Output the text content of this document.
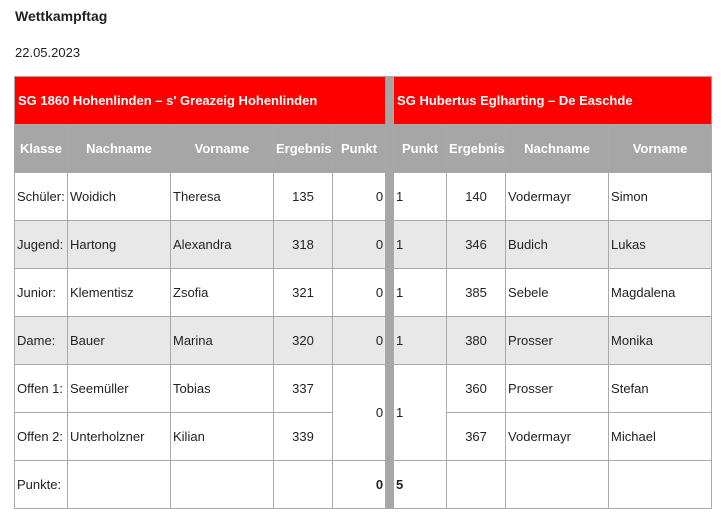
Wettkampftag
22.05.2023
SG 1860 Hohenlinden – s' Greazeig Hohenlinden						SG Hubertus Eglharting – De Easchde			
Klasse	Nachname	Vorname	Ergebnis	Punkt		Punkt	Ergebnis	Nachname	Vorname
Schüler:	Woidich	Theresa	135	0		1	140	Vodermayr	Simon
Jugend:	Hartong	Alexandra	318	0		1	346	Budich	Lukas
Junior:	Klementisz	Zsofia	321	0		1	385	Sebele	Magdalena
Dame:	Bauer	Marina	320	0		1	380	Prosser	Monika
Offen 1:	Seemüller	Tobias	337	0		1	360	Prosser	Stefan
Offen 2:	Unterholzner	Kilian	339				367	Vodermayr	Michael
Punkte:				0		5			
